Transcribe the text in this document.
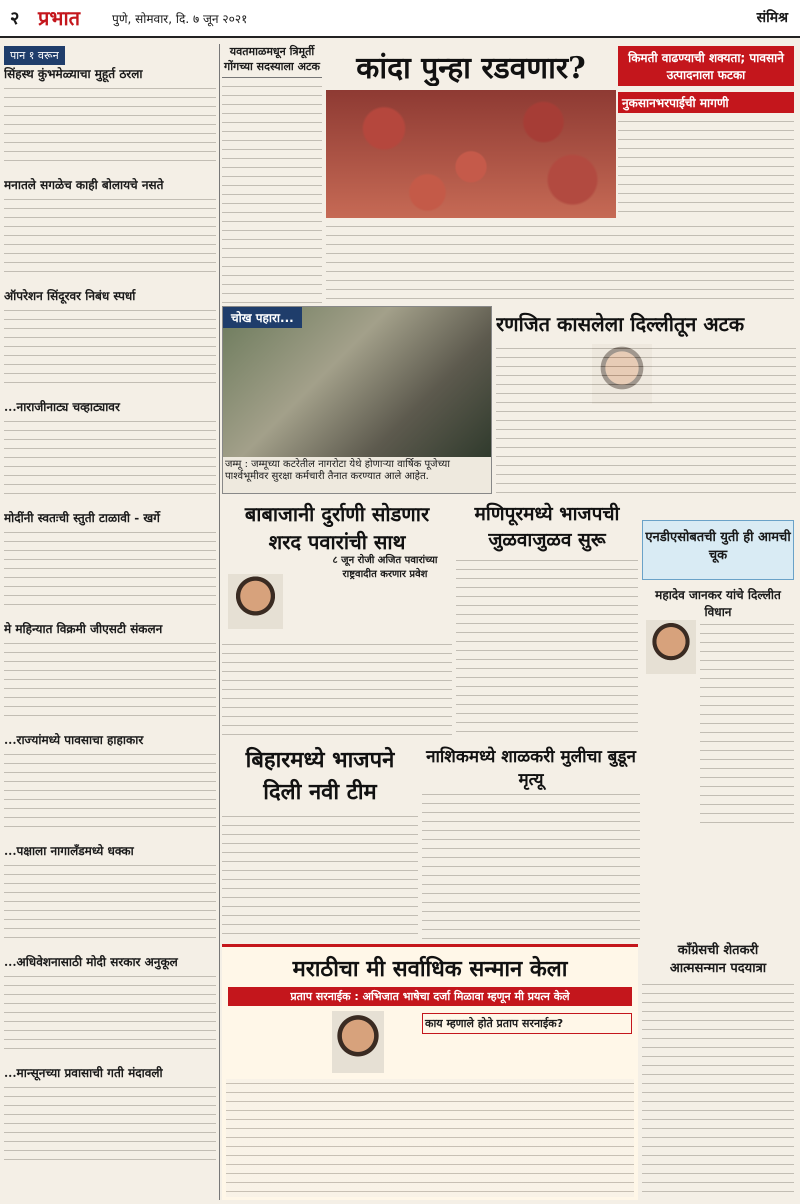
२ प्रभात	पुणे, सोमवार, दि. ७ जून २०२१	संमिश्र
पान १ वरून
सिंहस्थ कुंभमेळ्याचा मुहूर्त ठरला
मनातले सगळेच काही बोलायचे नसते
ऑपरेशन सिंदूरवर निबंध स्पर्धा
...नाराजीनाट्य चव्हाट्यावर
मोदींनी स्वतःची स्तुती टाळावी - खर्गे
मे महिन्यात विक्रमी जीएसटी संकलन
...राज्यांमध्ये पावसाचा हाहाकार
...पक्षाला नागालँडमध्ये धक्का
...अधिवेशनासाठी मोदी सरकार अनुकूल
...मान्सूनच्या प्रवासाची गती मंदावली
यवतमाळमधून त्रिमूर्ती गोंगच्या सदस्याला अटक	कांदा पुन्हा रडवणार?	किमती वाढण्याची शक्यता; पावसाने उत्पादनाला फटका
नुकसानभरपाईची मागणी
चोख पहारा...
जम्मू : जम्मूच्या कटरेतील नागरोटा येथे होणाऱ्या वार्षिक पूजेच्या पार्श्वभूमीवर सुरक्षा कर्मचारी तैनात करण्यात आले आहेत.
रणजित कासलेला दिल्लीतून अटक
बाबाजानी दुर्राणी सोडणार
शरद पवारांची साथ
८ जून रोजी अजित पवारांच्या राष्ट्रवादीत करणार प्रवेश
मणिपूरमध्ये भाजपची
जुळवाजुळव सुरू	एनडीएसोबतची युती ही आमची चूक
महादेव जानकर यांचे दिल्लीत विधान
बिहारमध्ये भाजपने
दिली नवी टीम
नाशिकमध्ये शाळकरी मुलीचा बुडून मृत्यू
काँग्रेसची शेतकरी
आत्मसन्मान पदयात्रा
मराठीचा मी सर्वाधिक सन्मान केला
प्रताप सरनाईक : अभिजात भाषेचा दर्जा मिळावा म्हणून मी प्रयत्न केले
काय म्हणाले होते प्रताप सरनाईक?
